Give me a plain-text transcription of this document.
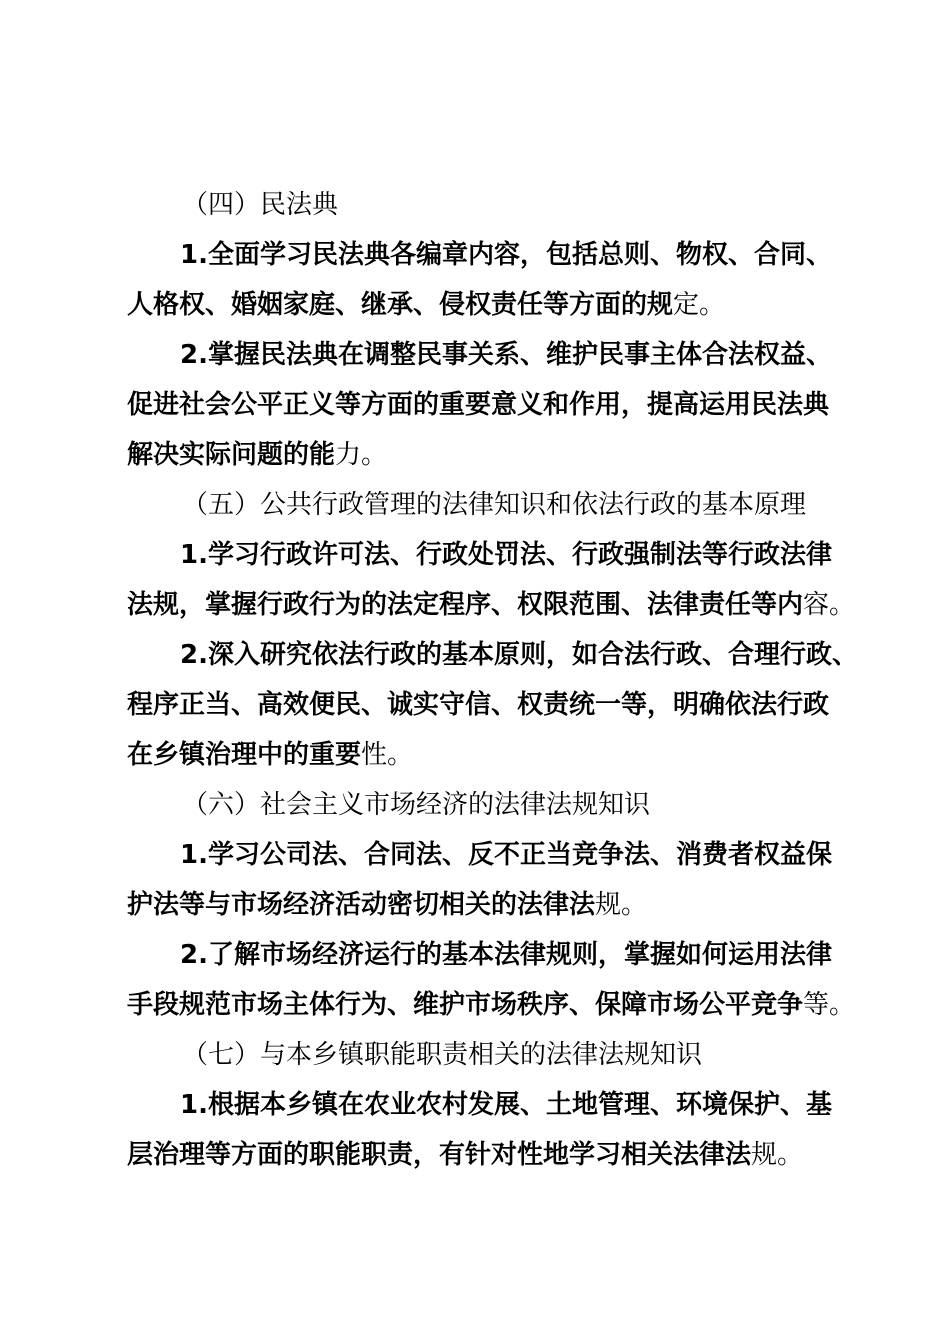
（四）民法典
1.全面学习民法典各编章内容，包括总则、物权、合同、
人格权、婚姻家庭、继承、侵权责任等方面的规定。
2.掌握民法典在调整民事关系、维护民事主体合法权益、
促进社会公平正义等方面的重要意义和作用，提高运用民法典
解决实际问题的能力。
（五）公共行政管理的法律知识和依法行政的基本原理
1.学习行政许可法、行政处罚法、行政强制法等行政法律
法规，掌握行政行为的法定程序、权限范围、法律责任等内容。
2.深入研究依法行政的基本原则，如合法行政、合理行政、
程序正当、高效便民、诚实守信、权责统一等，明确依法行政
在乡镇治理中的重要性。
（六）社会主义市场经济的法律法规知识
1.学习公司法、合同法、反不正当竞争法、消费者权益保
护法等与市场经济活动密切相关的法律法规。
2.了解市场经济运行的基本法律规则，掌握如何运用法律
手段规范市场主体行为、维护市场秩序、保障市场公平竞争等。
（七）与本乡镇职能职责相关的法律法规知识
1.根据本乡镇在农业农村发展、土地管理、环境保护、基
层治理等方面的职能职责，有针对性地学习相关法律法规。
